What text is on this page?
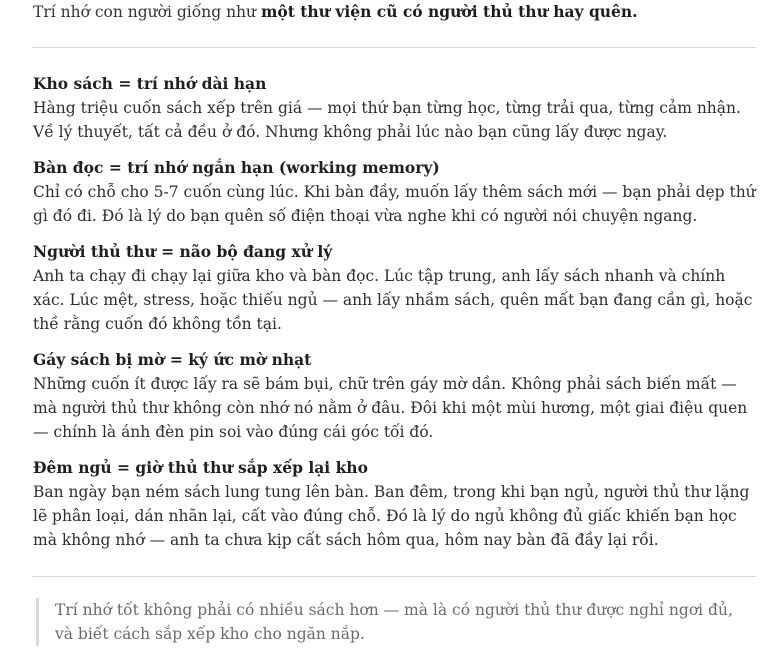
Trí nhớ con người giống như một thư viện cũ có người thủ thư hay quên.

Kho sách = trí nhớ dài hạn

Hàng triệu cuốn sách xếp trên giá — mọi thứ bạn từng học, từng trải qua, từng cảm nhận. Về lý thuyết, tất cả đều ở đó. Nhưng không phải lúc nào bạn cũng lấy được ngay.

Bàn đọc = trí nhớ ngắn hạn (working memory)

Chỉ có chỗ cho 5-7 cuốn cùng lúc. Khi bàn đầy, muốn lấy thêm sách mới — bạn phải dẹp thứ gì đó đi. Đó là lý do bạn quên số điện thoại vừa nghe khi có người nói chuyện ngang.

Người thủ thư = não bộ đang xử lý

Anh ta chạy đi chạy lại giữa kho và bàn đọc. Lúc tập trung, anh lấy sách nhanh và chính xác. Lúc mệt, stress, hoặc thiếu ngủ — anh lấy nhầm sách, quên mất bạn đang cần gì, hoặc thề rằng cuốn đó không tồn tại.

Gáy sách bị mờ = ký ức mờ nhạt

Những cuốn ít được lấy ra sẽ bám bụi, chữ trên gáy mờ dần. Không phải sách biến mất — mà người thủ thư không còn nhớ nó nằm ở đâu. Đôi khi một mùi hương, một giai điệu quen — chính là ánh đèn pin soi vào đúng cái góc tối đó.

Đêm ngủ = giờ thủ thư sắp xếp lại kho

Ban ngày bạn ném sách lung tung lên bàn. Ban đêm, trong khi bạn ngủ, người thủ thư lặng lẽ phân loại, dán nhãn lại, cất vào đúng chỗ. Đó là lý do ngủ không đủ giấc khiến bạn học mà không nhớ — anh ta chưa kịp cất sách hôm qua, hôm nay bàn đã đầy lại rồi.

Trí nhớ tốt không phải có nhiều sách hơn — mà là có người thủ thư được nghỉ ngơi đủ, và biết cách sắp xếp kho cho ngăn nắp.
